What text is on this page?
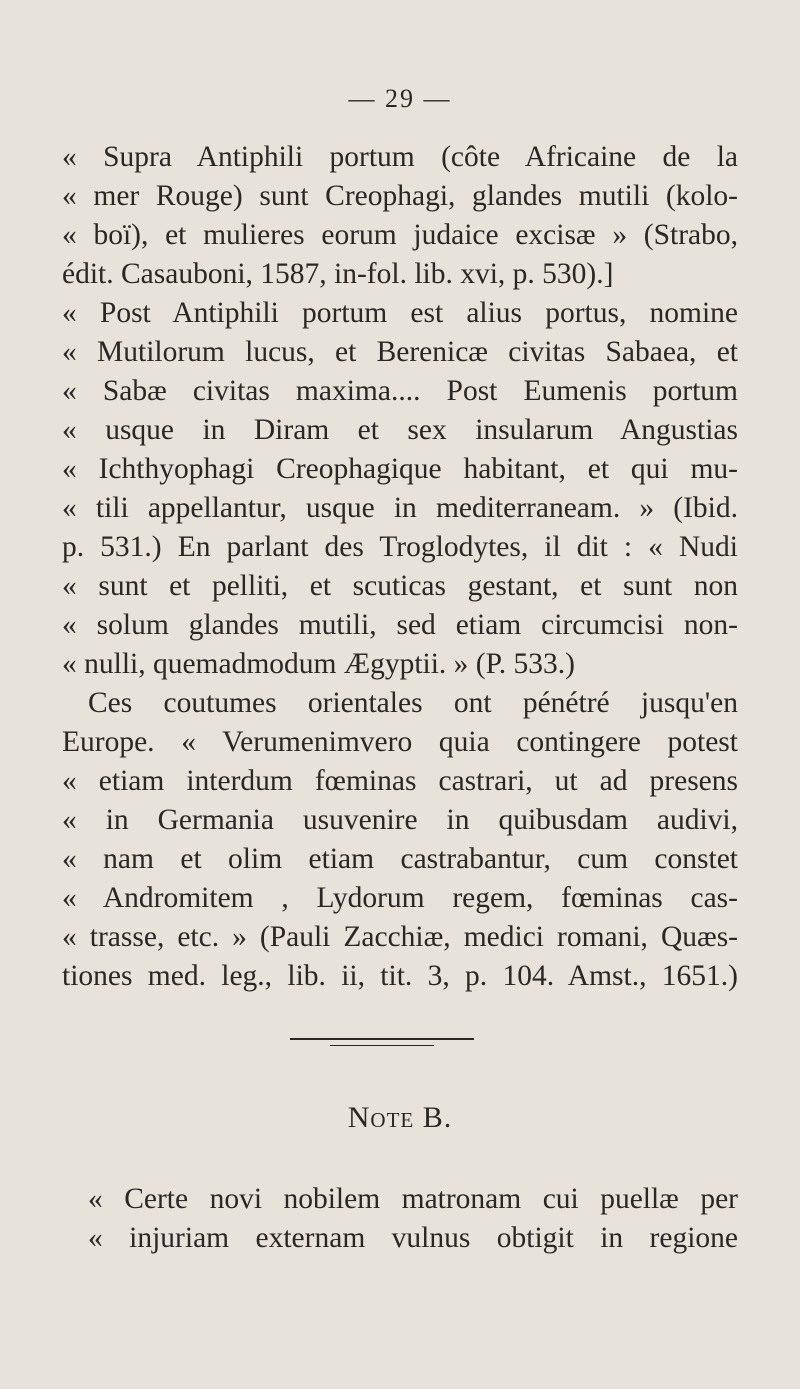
— 29 —
« Supra Antiphili portum (côte Africaine de la
« mer Rouge) sunt Creophagi, glandes mutili (kolo-
« boï), et mulieres eorum judaice excisæ » (Strabo,
édit. Casauboni, 1587, in-fol. lib. xvi, p. 530).]
« Post Antiphili portum est alius portus, nomine
« Mutilorum lucus, et Berenicæ civitas Sabaea, et
« Sabæ civitas maxima.... Post Eumenis portum
« usque in Diram et sex insularum Angustias
« Ichthyophagi Creophagique habitant, et qui mu-
« tili appellantur, usque in mediterraneam. » (Ibid.
p. 531.) En parlant des Troglodytes, il dit : « Nudi
« sunt et pelliti, et scuticas gestant, et sunt non
« solum glandes mutili, sed etiam circumcisi non-
« nulli, quemadmodum Ægyptii. » (P. 533.)
Ces coutumes orientales ont pénétré jusqu'en
Europe. « Verumenimvero quia contingere potest
« etiam interdum fœminas castrari, ut ad presens
« in Germania usuvenire in quibusdam audivi,
« nam et olim etiam castrabantur, cum constet
« Andromitem , Lydorum regem, fœminas cas-
« trasse, etc. » (Pauli Zacchiæ, medici romani, Quæs-
tiones med. leg., lib. ii, tit. 3, p. 104. Amst., 1651.)
Note B.
« Certe novi nobilem matronam cui puellæ per
« injuriam externam vulnus obtigit in regione
